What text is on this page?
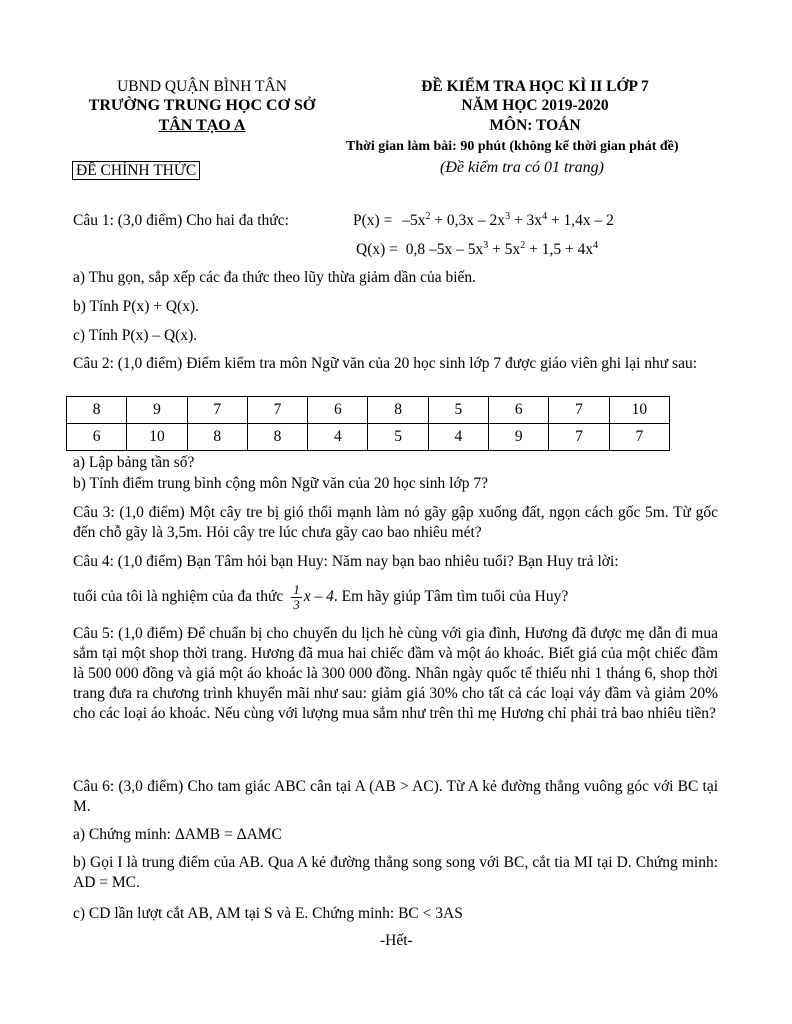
UBND QUẬN BÌNH TÂN
TRƯỜNG TRUNG HỌC CƠ SỞ
TÂN TẠO A
ĐỀ KIỂM TRA HỌC KÌ II LỚP 7
NĂM HỌC 2019-2020
MÔN: TOÁN
Thời gian làm bài: 90 phút (không kể thời gian phát đề)
(Đề kiểm tra có 01 trang)
ĐỀ CHÍNH THỨC
Câu 1: (3,0 điểm) Cho hai đa thức:	$P(x) = -5x^2 + 0,3x - 2x^3 + 3x^4 + 1,4x - 2$
Q(x) = 0,8 $-5x - 5x^3 + 5x^2 + 1,5 + 4x^4$
a) Thu gọn, sắp xếp các đa thức theo lũy thừa giảm dần của biến.
b) Tính P(x) + Q(x).
c) Tính P(x) – Q(x).
Câu 2: (1,0 điểm) Điểm kiểm tra môn Ngữ văn của 20 học sinh lớp 7 được giáo viên ghi lại như sau:
8	9	7	7	6	8	5	6	7	10
6	10	8	8	4	5	4	9	7	7
a) Lập bảng tần số?
b) Tính điểm trung bình cộng môn Ngữ văn của 20 học sinh lớp 7?
Câu 3: (1,0 điểm) Một cây tre bị gió thổi mạnh làm nó gãy gập xuống đất, ngọn cách gốc 5m. Từ gốc đến chỗ gãy là 3,5m. Hỏi cây tre lúc chưa gãy cao bao nhiêu mét?
Câu 4: (1,0 điểm) Bạn Tâm hỏi bạn Huy: Năm nay bạn bao nhiêu tuổi? Bạn Huy trả lời:
tuổi của tôi là nghiệm của đa thức $\frac{1}{3}$ x – 4 . Em hãy giúp Tâm tìm tuổi của Huy?
Câu 5: (1,0 điểm) Để chuẩn bị cho chuyến du lịch hè cùng với gia đình, Hương đã được mẹ dẫn đi mua sắm tại một shop thời trang. Hương đã mua hai chiếc đầm và một áo khoác. Biết giá của một chiếc đầm là 500 000 đồng và giá một áo khoác là 300 000 đồng. Nhân ngày quốc tế thiếu nhi 1 tháng 6, shop thời trang đưa ra chương trình khuyến mãi như sau: giảm giá 30% cho tất cả các loại váy đầm và giảm 20% cho các loại áo khoác. Nếu cùng với lượng mua sắm như trên thì mẹ Hương chỉ phải trả bao nhiêu tiền?
Câu 6: (3,0 điểm) Cho tam giác ABC cân tại A (AB > AC). Từ A kẻ đường thẳng vuông góc với BC tại M.
a) Chứng minh: ΔAMB = ΔAMC
b) Gọi I là trung điểm của AB. Qua A kẻ đường thẳng song song với BC, cắt tia MI tại D. Chứng minh: AD = MC.
c) CD lần lượt cắt AB, AM tại S và E. Chứng minh: BC < 3AS
-Hết-
